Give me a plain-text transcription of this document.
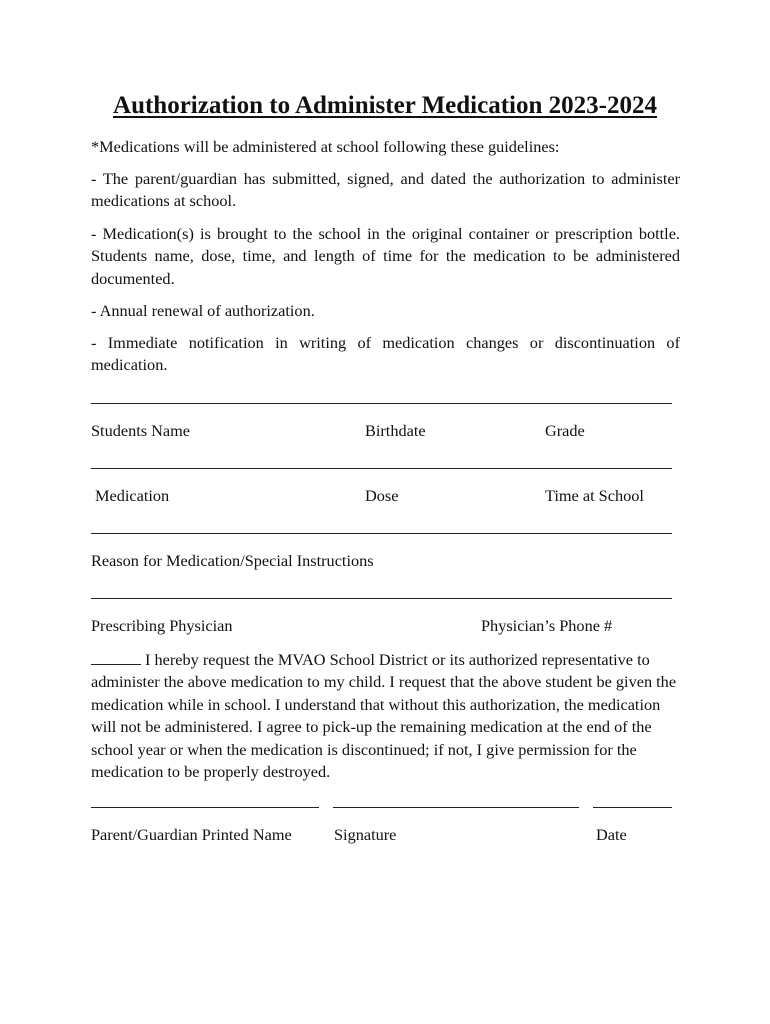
Authorization to Administer Medication 2023-2024
*Medications will be administered at school following these guidelines:
- The parent/guardian has submitted, signed, and dated the authorization to administer medications at school.
- Medication(s) is brought to the school in the original container or prescription bottle. Students name, dose, time, and length of time for the medication to be administered documented.
- Annual renewal of authorization.
- Immediate notification in writing of medication changes or discontinuation of medication.
Students Name	Birthdate	Grade
Medication	Dose	Time at School
Reason for Medication/Special Instructions
Prescribing Physician	Physician’s Phone #
I hereby request the MVAO School District or its authorized representative to administer the above medication to my child. I request that the above student be given the medication while in school. I understand that without this authorization, the medication will not be administered. I agree to pick-up the remaining medication at the end of the school year or when the medication is discontinued; if not, I give permission for the medication to be properly destroyed.
Parent/Guardian Printed Name	Signature	Date
